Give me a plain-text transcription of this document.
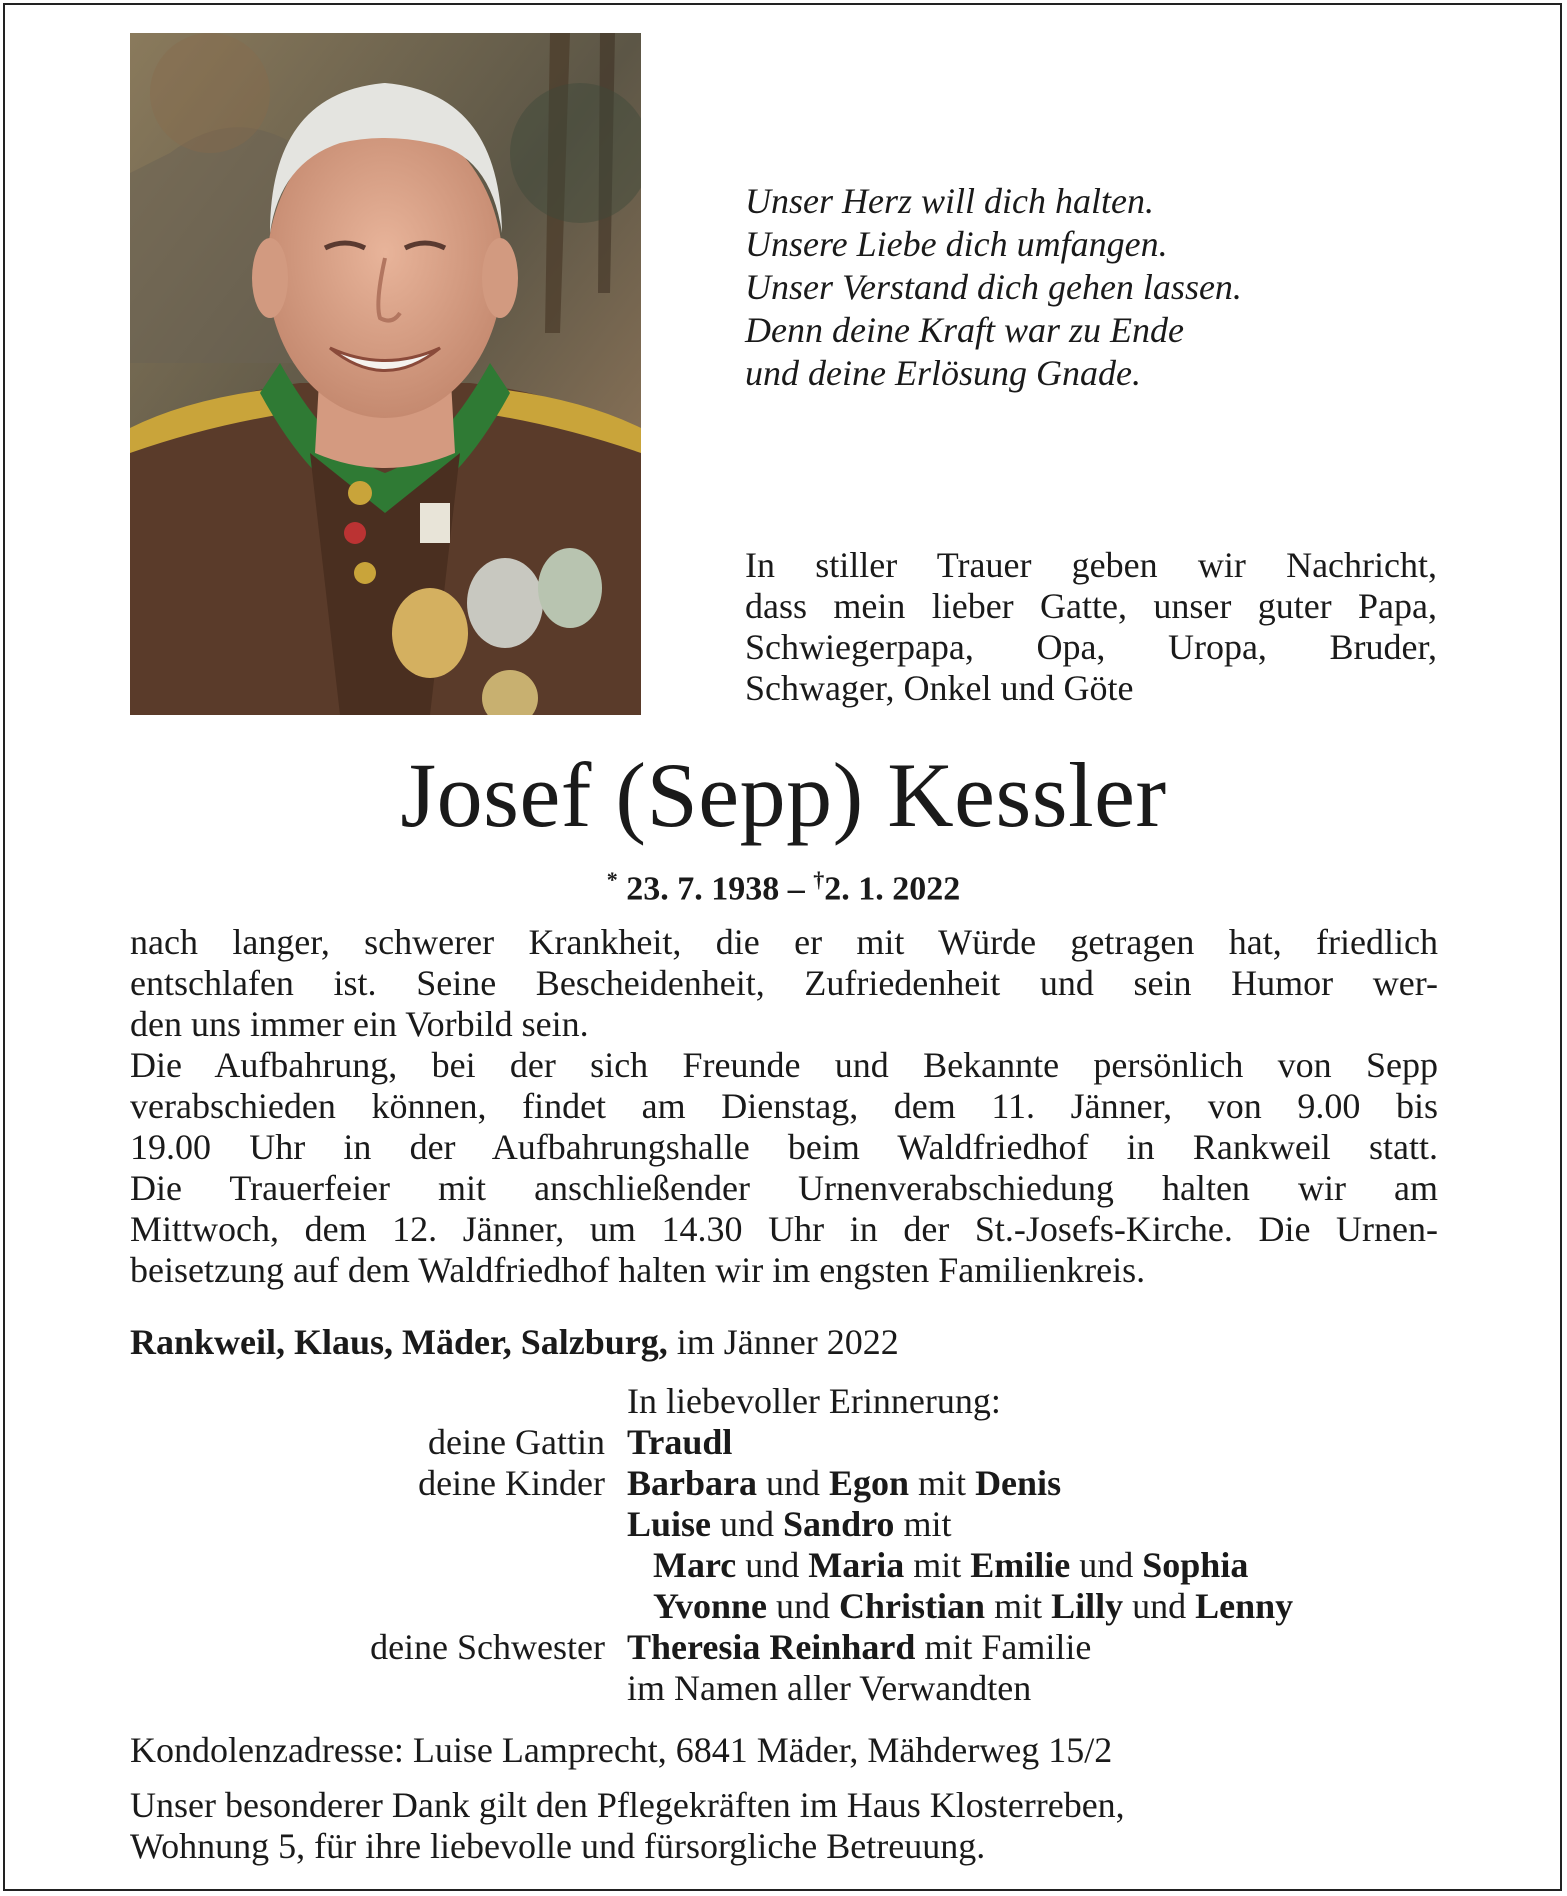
Unser Herz will dich halten.
Unsere Liebe dich umfangen.
Unser Verstand dich gehen lassen.
Denn deine Kraft war zu Ende
und deine Erlösung Gnade.
In stiller Trauer geben wir Nachricht,
dass mein lieber Gatte, unser guter Papa,
Schwiegerpapa, Opa, Uropa, Bruder,
Schwager, Onkel und Göte
Josef (Sepp) Kessler
* 23. 7. 1938 – †2. 1. 2022
nach langer, schwerer Krankheit, die er mit Würde getragen hat, friedlich
entschlafen ist. Seine Bescheidenheit, Zufriedenheit und sein Humor wer-
den uns immer ein Vorbild sein.
Die Aufbahrung, bei der sich Freunde und Bekannte persönlich von Sepp
verabschieden können, findet am Dienstag, dem 11. Jänner, von 9.00 bis
19.00 Uhr in der Aufbahrungshalle beim Waldfriedhof in Rankweil statt.
Die Trauerfeier mit anschließender Urnenverabschiedung halten wir am
Mittwoch, dem 12. Jänner, um 14.30 Uhr in der St.-Josefs-Kirche. Die Urnen-
beisetzung auf dem Waldfriedhof halten wir im engsten Familienkreis.
Rankweil, Klaus, Mäder, Salzburg, im Jänner 2022
In liebevoller Erinnerung:
deine Gattin Traudl
deine Kinder Barbara und Egon mit Denis
Luise und Sandro mit
Marc und Maria mit Emilie und Sophia
Yvonne und Christian mit Lilly und Lenny
deine Schwester Theresia Reinhard mit Familie
im Namen aller Verwandten
Kondolenzadresse: Luise Lamprecht, 6841 Mäder, Mähderweg 15/2
Unser besonderer Dank gilt den Pflegekräften im Haus Klosterreben,
Wohnung 5, für ihre liebevolle und fürsorgliche Betreuung.
